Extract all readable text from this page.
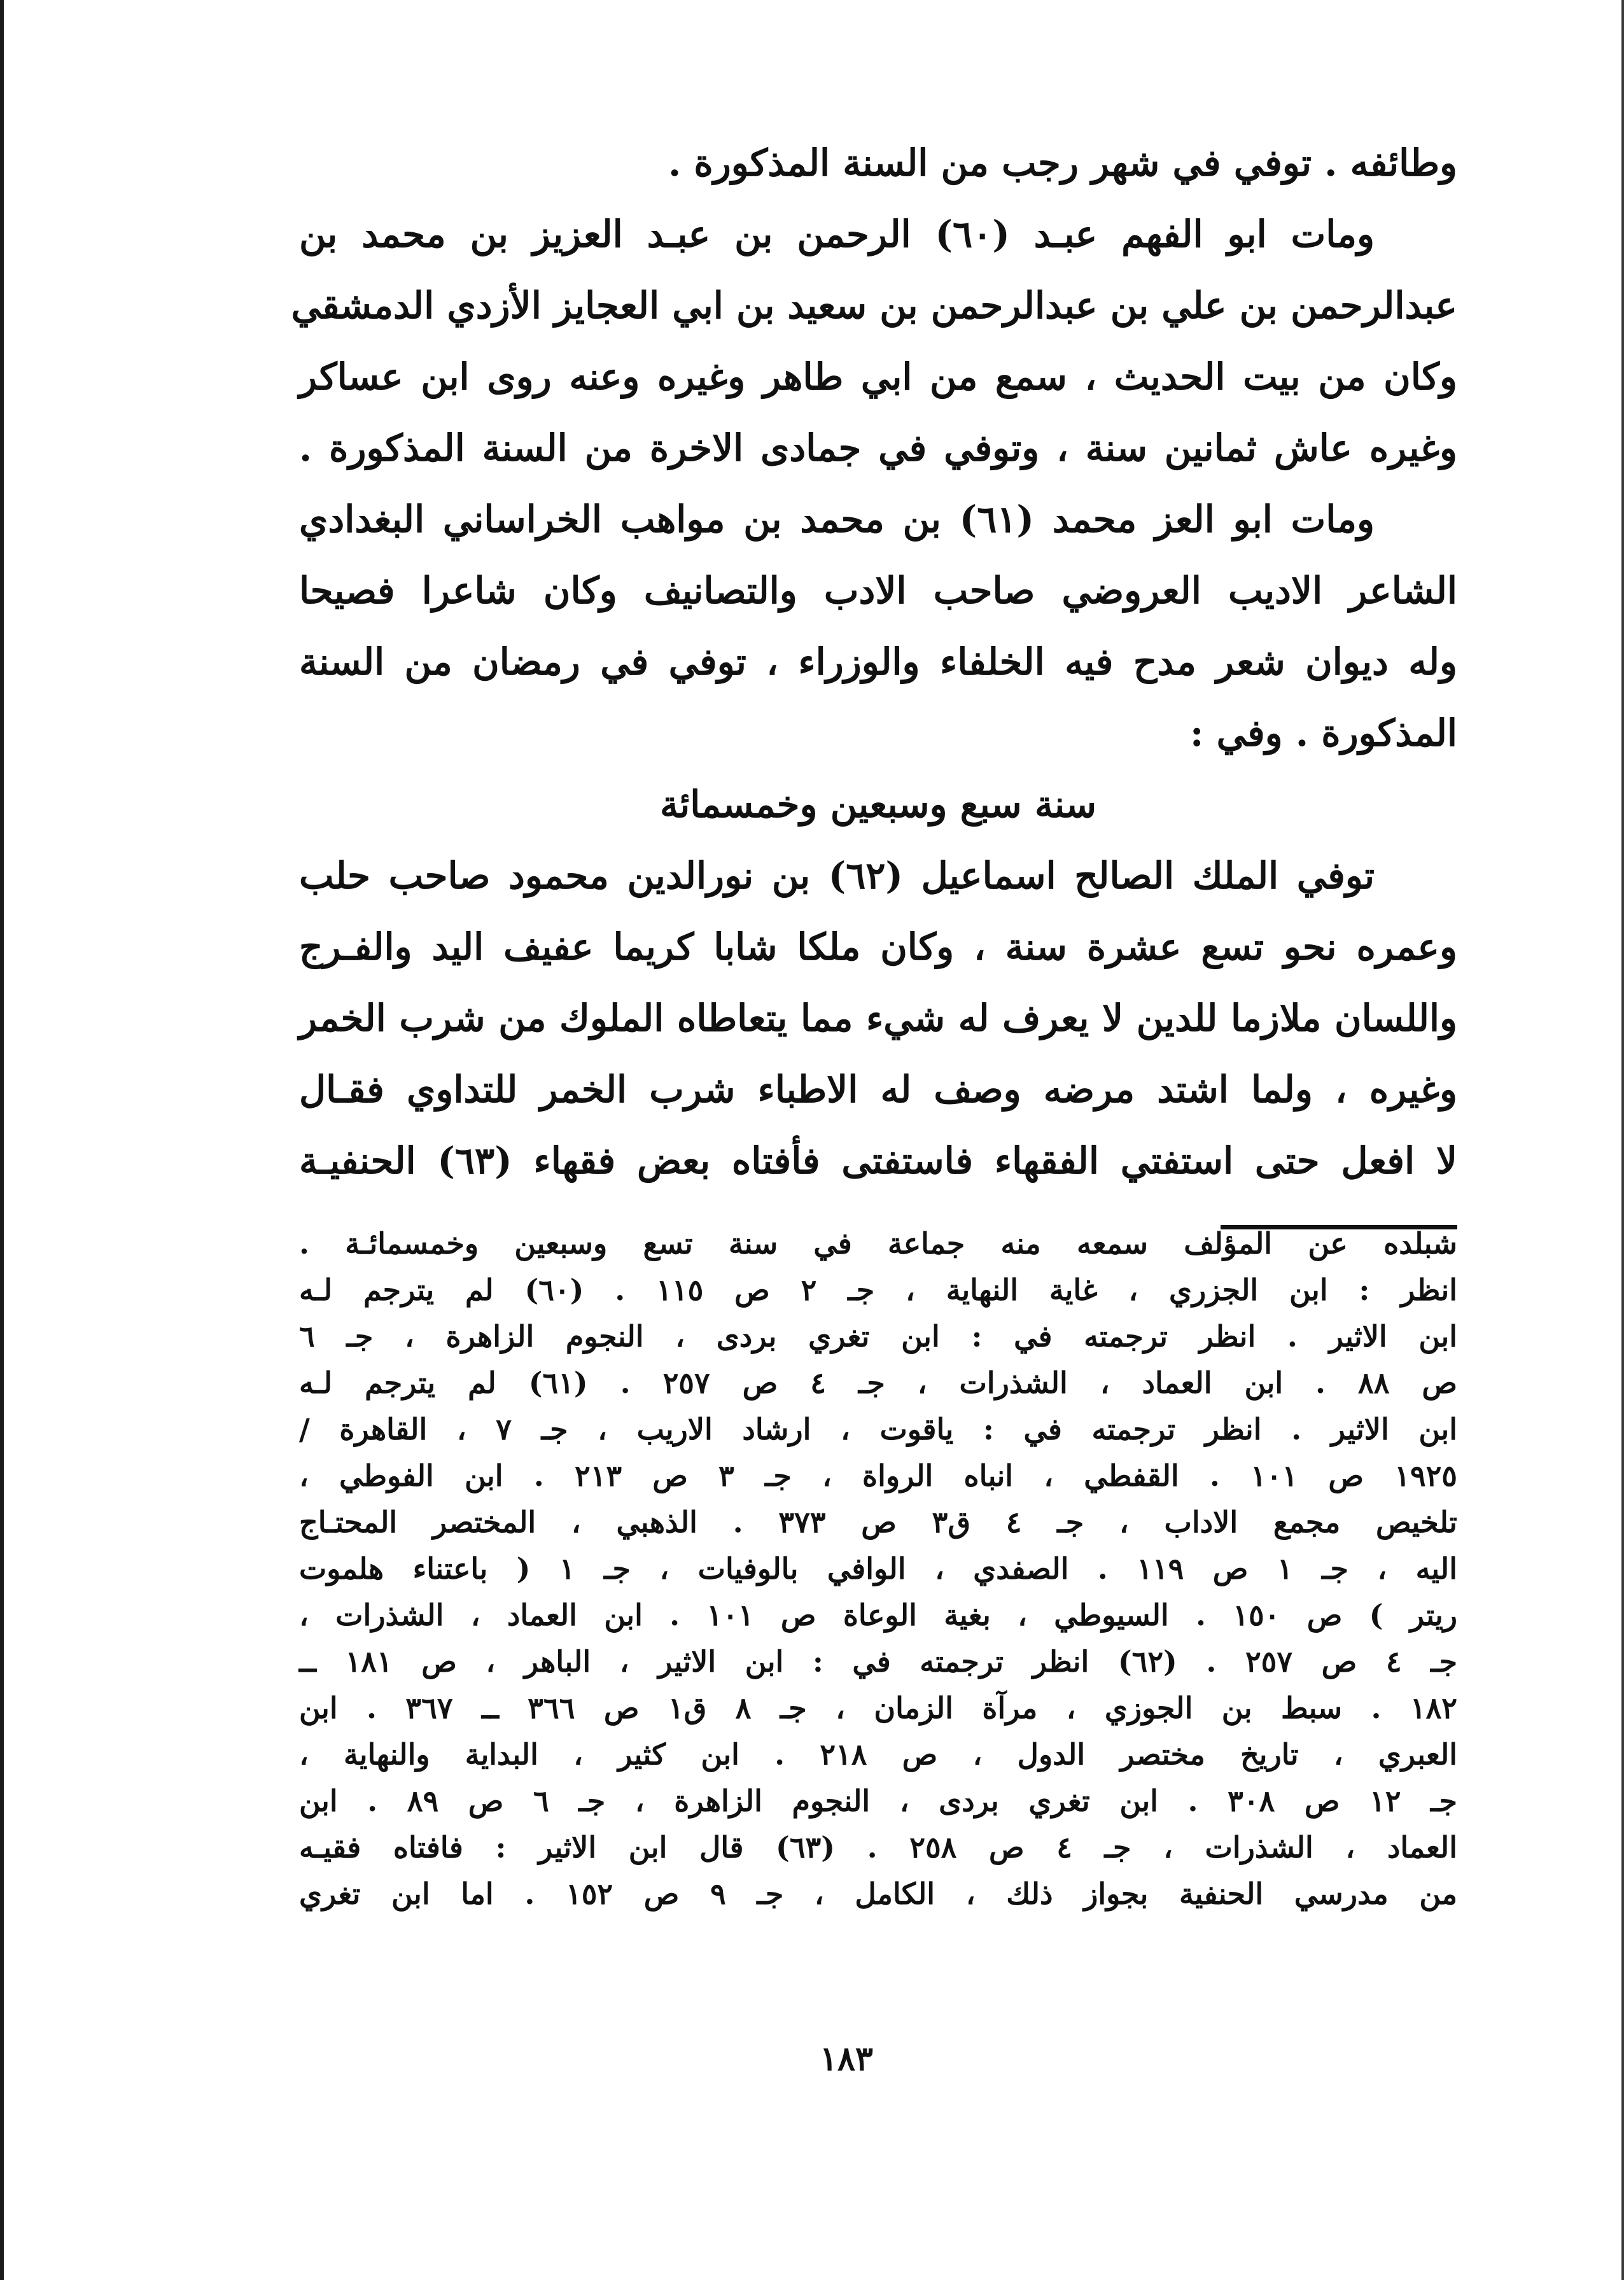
وطائفه . توفي في شهر رجب من السنة المذكورة .
ومات ابو الفهم عبـد (٦٠) الرحمن بن عبـد العزيز بن محمد بن
عبدالرحمن بن علي بن عبدالرحمن بن سعيد بن ابي العجايز الأزدي الدمشقي
وكان من بيت الحديث ، سمع من ابي طاهر وغيره وعنه روى ابن عساكر
وغيره عاش ثمانين سنة ، وتوفي في جمادى الاخرة من السنة المذكورة .
ومات ابو العز محمد (٦١) بن محمد بن مواهب الخراساني البغدادي
الشاعر الاديب العروضي صاحب الادب والتصانيف وكان شاعرا فصيحا
وله ديوان شعر مدح فيه الخلفاء والوزراء ، توفي في رمضان من السنة
المذكورة . وفي :
سنة سبع وسبعين وخمسمائة
توفي الملك الصالح اسماعيل (٦٢) بن نورالدين محمود صاحب حلب
وعمره نحو تسع عشرة سنة ، وكان ملكا شابا كريما عفيف اليد والفـرج
واللسان ملازما للدين لا يعرف له شيء مما يتعاطاه الملوك من شرب الخمر
وغيره ، ولما اشتد مرضه وصف له الاطباء شرب الخمر للتداوي فقـال
لا افعل حتى استفتي الفقهاء فاستفتى فأفتاه بعض فقهاء (٦٣) الحنفيـة
شبلده عن المؤلف سمعه منه جماعة في سنة تسع وسبعين وخمسمائـة .
انظر : ابن الجزري ، غاية النهاية ، جـ ٢ ص ١١٥ . (٦٠) لم يترجم لـه
ابن الاثير . انظر ترجمته في : ابن تغري بردى ، النجوم الزاهرة ، جـ ٦
ص ٨٨ . ابن العماد ، الشذرات ، جـ ٤ ص ٢٥٧ . (٦١) لم يترجم لـه
ابن الاثير . انظر ترجمته في : ياقوت ، ارشاد الاريب ، جـ ٧ ، القاهرة /
١٩٢٥ ص ١٠١ . القفطي ، انباه الرواة ، جـ ٣ ص ٢١٣ . ابن الفوطي ،
تلخيص مجمع الاداب ، جـ ٤ ق٣ ص ٣٧٣ . الذهبي ، المختصر المحتـاج
اليه ، جـ ١ ص ١١٩ . الصفدي ، الوافي بالوفيات ، جـ ١ ( باعتناء هلموت
ريتر ) ص ١٥٠ . السيوطي ، بغية الوعاة ص ١٠١ . ابن العماد ، الشذرات ،
جـ ٤ ص ٢٥٧ . (٦٢) انظر ترجمته في : ابن الاثير ، الباهر ، ص ١٨١ ــ
١٨٢ . سبط بن الجوزي ، مرآة الزمان ، جـ ٨ ق١ ص ٣٦٦ ــ ٣٦٧ . ابن
العبري ، تاريخ مختصر الدول ، ص ٢١٨ . ابن كثير ، البداية والنهاية ،
جـ ١٢ ص ٣٠٨ . ابن تغري بردى ، النجوم الزاهرة ، جـ ٦ ص ٨٩ . ابن
العماد ، الشذرات ، جـ ٤ ص ٢٥٨ . (٦٣) قال ابن الاثير : فافتاه فقيـه
من مدرسي الحنفية بجواز ذلك ، الكامل ، جـ ٩ ص ١٥٢ . اما ابن تغري
١٨٣
